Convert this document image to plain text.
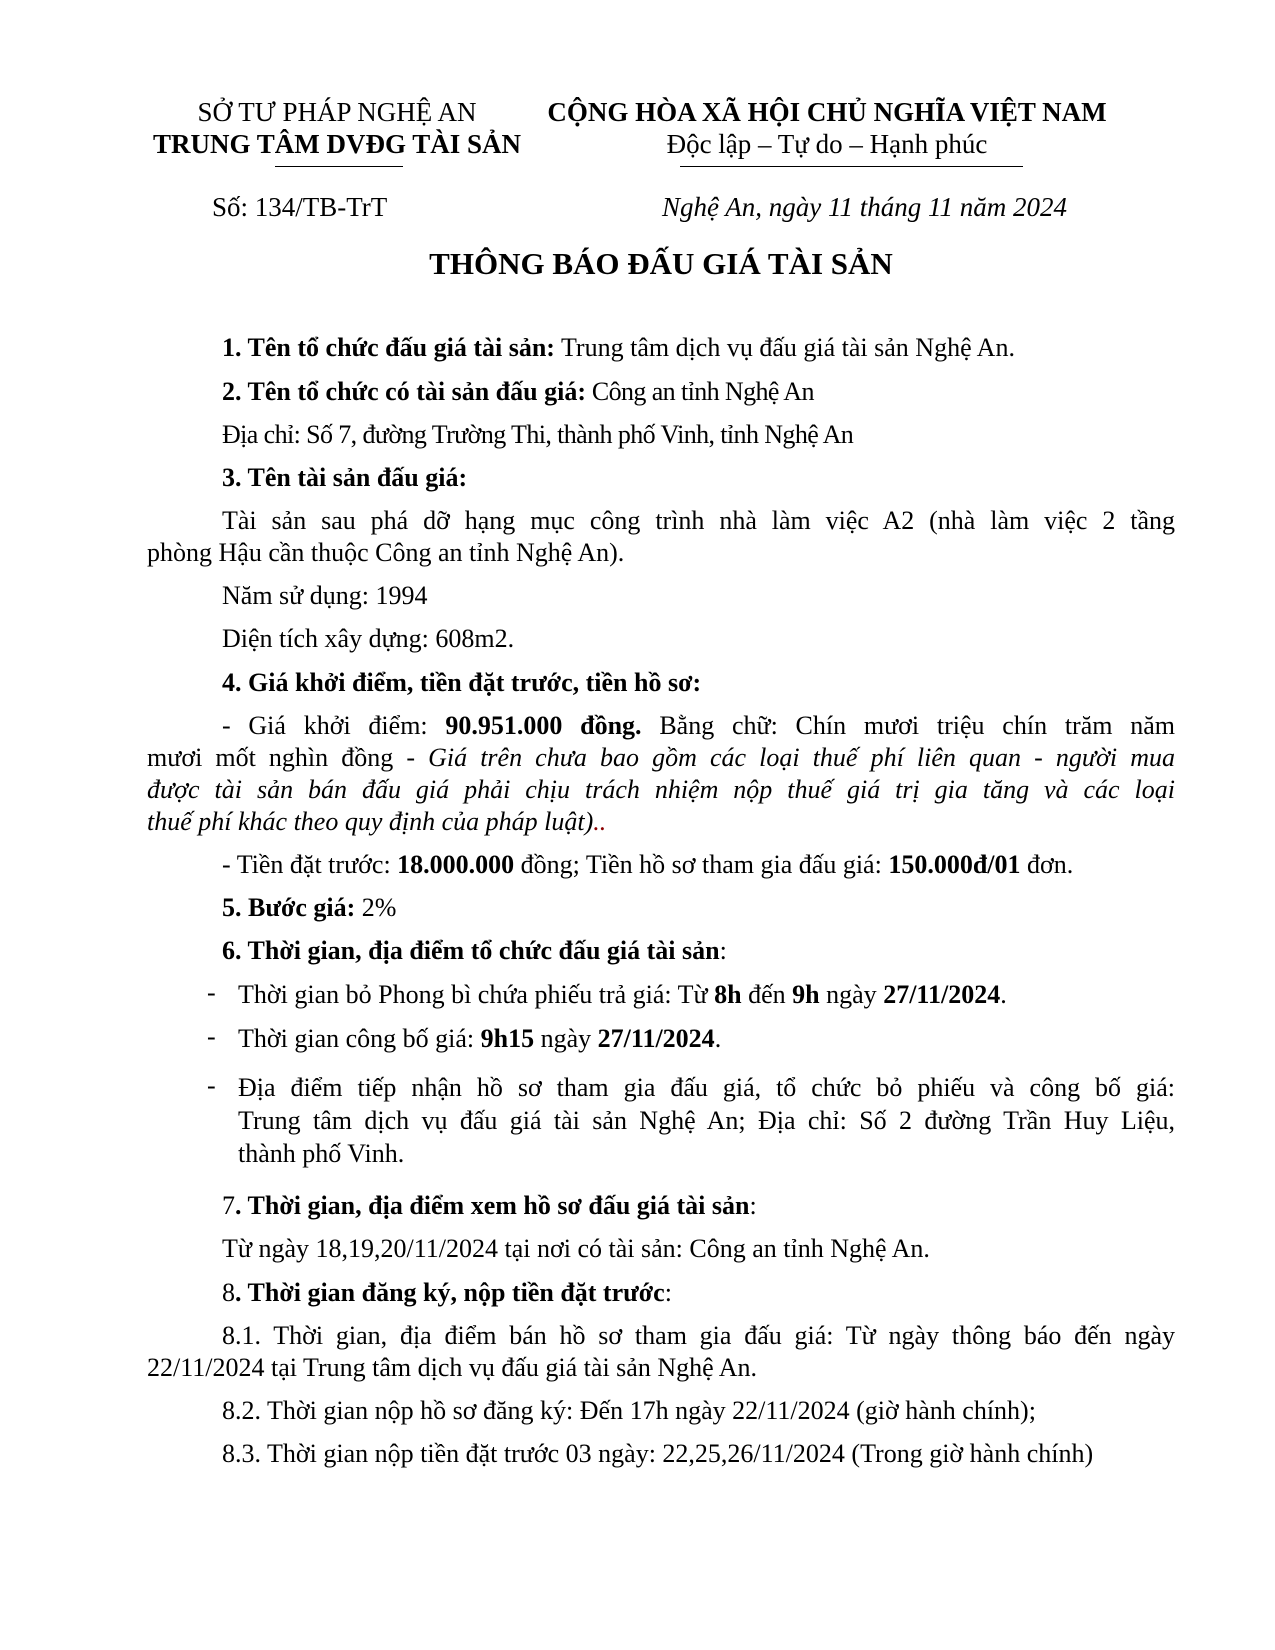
SỞ TƯ PHÁP NGHỆ AN
TRUNG TÂM DVĐG TÀI SẢN
CỘNG HÒA XÃ HỘI CHỦ NGHĨA VIỆT NAM
Độc lập – Tự do – Hạnh phúc
Số: 134/TB-TrT	Nghệ An, ngày 11 tháng 11 năm 2024
THÔNG BÁO ĐẤU GIÁ TÀI SẢN
1. Tên tổ chức đấu giá tài sản: Trung tâm dịch vụ đấu giá tài sản Nghệ An.
2. Tên tổ chức có tài sản đấu giá: Công an tỉnh Nghệ An
Địa chỉ: Số 7, đường Trường Thi, thành phố Vinh, tỉnh Nghệ An
3. Tên tài sản đấu giá:
Tài sản sau phá dỡ hạng mục công trình nhà làm việc A2 (nhà làm việc 2 tầng
phòng Hậu cần thuộc Công an tỉnh Nghệ An).
Năm sử dụng: 1994
Diện tích xây dựng: 608m2.
4. Giá khởi điểm, tiền đặt trước, tiền hồ sơ:
- Giá khởi điểm: 90.951.000 đồng. Bằng chữ: Chín mươi triệu chín trăm năm
mươi mốt nghìn đồng - Giá trên chưa bao gồm các loại thuế phí liên quan - người mua
được tài sản bán đấu giá phải chịu trách nhiệm nộp thuế giá trị gia tăng và các loại
thuế phí khác theo quy định của pháp luật)..
- Tiền đặt trước: 18.000.000 đồng; Tiền hồ sơ tham gia đấu giá: 150.000đ/01 đơn.
5. Bước giá: 2%
6. Thời gian, địa điểm tổ chức đấu giá tài sản:
- Thời gian bỏ Phong bì chứa phiếu trả giá: Từ 8h đến 9h ngày 27/11/2024.
- Thời gian công bố giá: 9h15 ngày 27/11/2024.
- Địa điểm tiếp nhận hồ sơ tham gia đấu giá, tổ chức bỏ phiếu và công bố giá:
Trung tâm dịch vụ đấu giá tài sản Nghệ An; Địa chỉ: Số 2 đường Trần Huy Liệu,
thành phố Vinh.
7. Thời gian, địa điểm xem hồ sơ đấu giá tài sản:
Từ ngày 18,19,20/11/2024 tại nơi có tài sản: Công an tỉnh Nghệ An.
8. Thời gian đăng ký, nộp tiền đặt trước:
8.1. Thời gian, địa điểm bán hồ sơ tham gia đấu giá: Từ ngày thông báo đến ngày
22/11/2024 tại Trung tâm dịch vụ đấu giá tài sản Nghệ An.
8.2. Thời gian nộp hồ sơ đăng ký: Đến 17h ngày 22/11/2024 (giờ hành chính);
8.3. Thời gian nộp tiền đặt trước 03 ngày: 22,25,26/11/2024 (Trong giờ hành chính)
